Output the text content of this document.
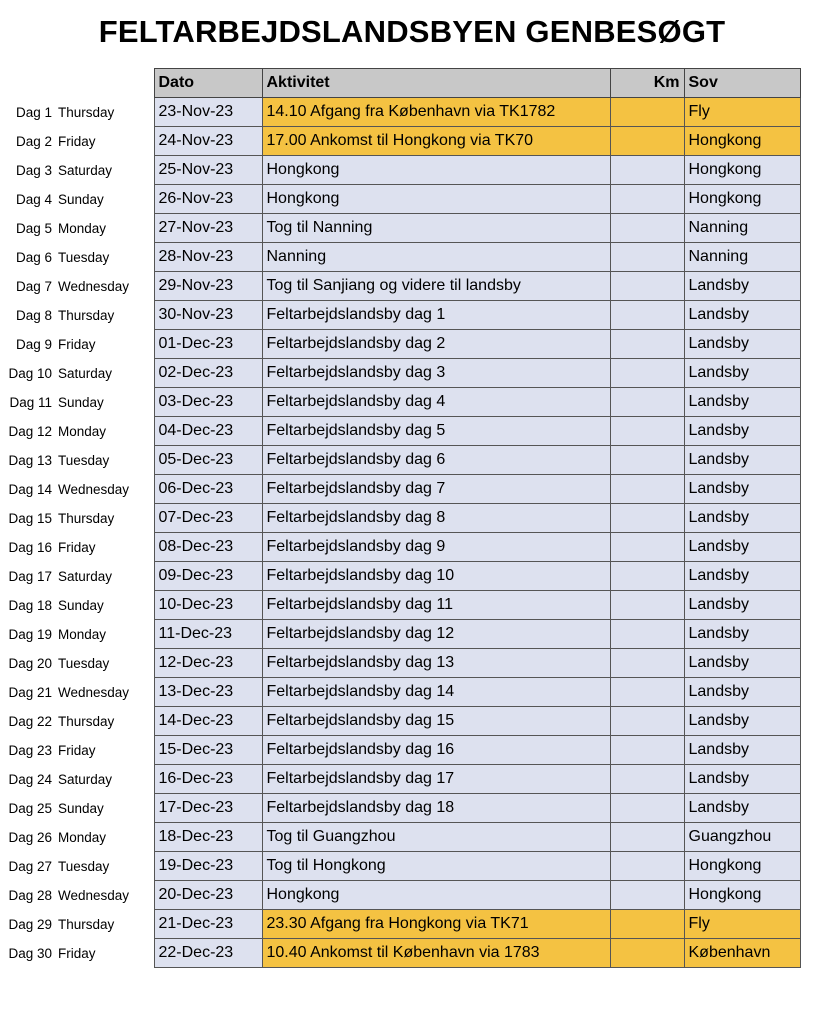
FELTARBEJDSLANDSBYEN GENBESØGT
		Dato	Aktivitet	Km	Sov
Dag 1	Thursday	23-Nov-23	14.10 Afgang fra København via TK1782		Fly
Dag 2	Friday	24-Nov-23	17.00 Ankomst til Hongkong via TK70		Hongkong
Dag 3	Saturday	25-Nov-23	Hongkong		Hongkong
Dag 4	Sunday	26-Nov-23	Hongkong		Hongkong
Dag 5	Monday	27-Nov-23	Tog til Nanning		Nanning
Dag 6	Tuesday	28-Nov-23	Nanning		Nanning
Dag 7	Wednesday	29-Nov-23	Tog til Sanjiang og videre til landsby		Landsby
Dag 8	Thursday	30-Nov-23	Feltarbejdslandsby dag 1		Landsby
Dag 9	Friday	01-Dec-23	Feltarbejdslandsby dag 2		Landsby
Dag 10	Saturday	02-Dec-23	Feltarbejdslandsby dag 3		Landsby
Dag 11	Sunday	03-Dec-23	Feltarbejdslandsby dag 4		Landsby
Dag 12	Monday	04-Dec-23	Feltarbejdslandsby dag 5		Landsby
Dag 13	Tuesday	05-Dec-23	Feltarbejdslandsby dag 6		Landsby
Dag 14	Wednesday	06-Dec-23	Feltarbejdslandsby dag 7		Landsby
Dag 15	Thursday	07-Dec-23	Feltarbejdslandsby dag 8		Landsby
Dag 16	Friday	08-Dec-23	Feltarbejdslandsby dag 9		Landsby
Dag 17	Saturday	09-Dec-23	Feltarbejdslandsby dag 10		Landsby
Dag 18	Sunday	10-Dec-23	Feltarbejdslandsby dag 11		Landsby
Dag 19	Monday	11-Dec-23	Feltarbejdslandsby dag 12		Landsby
Dag 20	Tuesday	12-Dec-23	Feltarbejdslandsby dag 13		Landsby
Dag 21	Wednesday	13-Dec-23	Feltarbejdslandsby dag 14		Landsby
Dag 22	Thursday	14-Dec-23	Feltarbejdslandsby dag 15		Landsby
Dag 23	Friday	15-Dec-23	Feltarbejdslandsby dag 16		Landsby
Dag 24	Saturday	16-Dec-23	Feltarbejdslandsby dag 17		Landsby
Dag 25	Sunday	17-Dec-23	Feltarbejdslandsby dag 18		Landsby
Dag 26	Monday	18-Dec-23	Tog til Guangzhou		Guangzhou
Dag 27	Tuesday	19-Dec-23	Tog til Hongkong		Hongkong
Dag 28	Wednesday	20-Dec-23	Hongkong		Hongkong
Dag 29	Thursday	21-Dec-23	23.30 Afgang fra Hongkong via TK71		Fly
Dag 30	Friday	22-Dec-23	10.40 Ankomst til København via 1783		København
